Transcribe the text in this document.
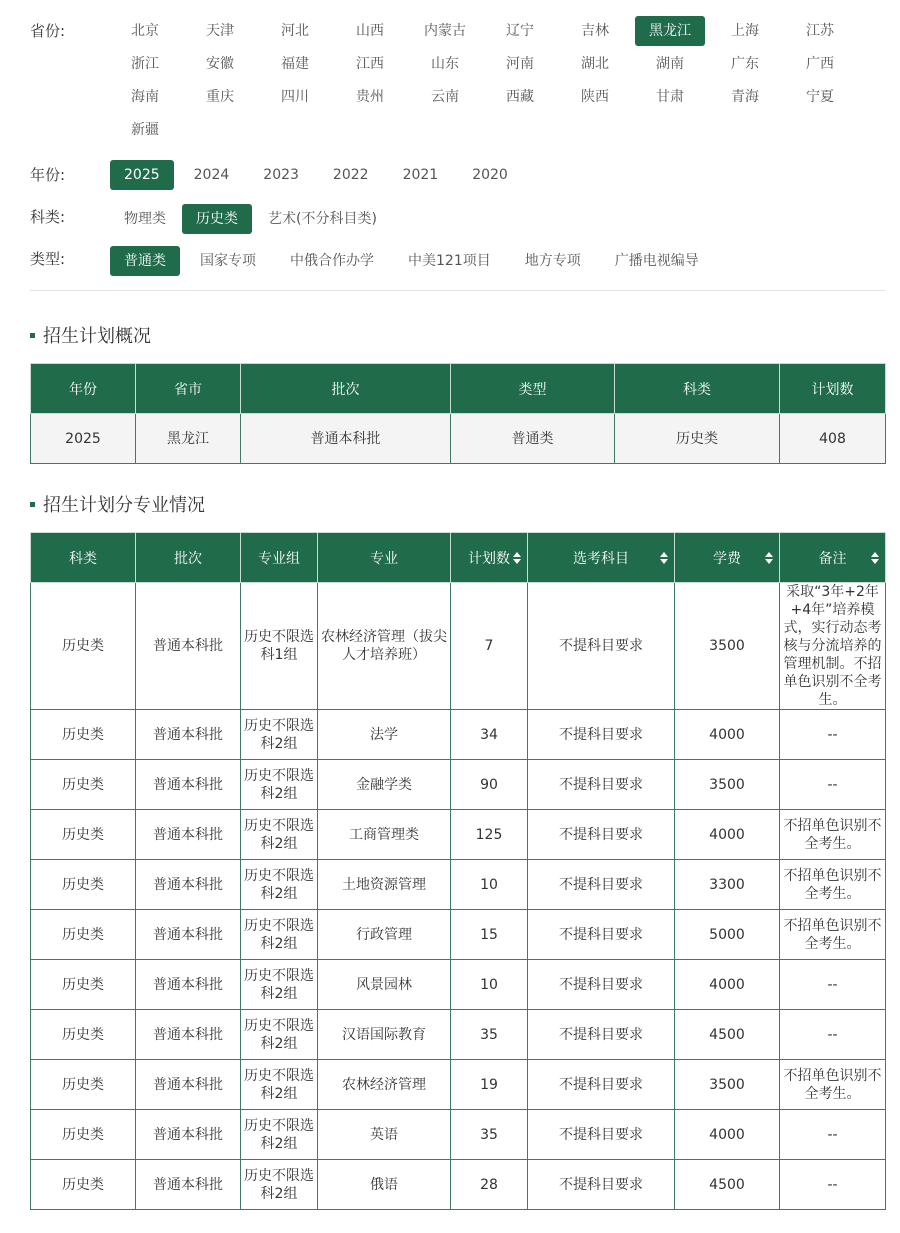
省份:	北京	天津	河北	山西	内蒙古	辽宁	吉林	黑龙江	上海	江苏
浙江	安徽	福建	江西	山东	河南	湖北	湖南	广东	广西
海南	重庆	四川	贵州	云南	西藏	陕西	甘肃	青海	宁夏
新疆
年份:	2025	2024	2023	2022	2021	2020
科类:	物理类	历史类	艺术(不分科目类)
类型:	普通类	国家专项	中俄合作办学	中美121项目	地方专项	广播电视编导
招生计划概况
年份	省市	批次	类型	科类	计划数
2025	黑龙江	普通本科批	普通类	历史类	408
招生计划分专业情况
科类	批次	专业组	专业	计划数	选考科目	学费	备注

历史类	普通本科批	历史不限选科1组	农林经济管理（拔尖人才培养班）	7	不提科目要求	3500	采取“3年+2年+4年”培养模式，实行动态考核与分流培养的管理机制。不招单色识别不全考生。
历史类	普通本科批	历史不限选科2组	法学	34	不提科目要求	4000	--
历史类	普通本科批	历史不限选科2组	金融学类	90	不提科目要求	3500	--
历史类	普通本科批	历史不限选科2组	工商管理类	125	不提科目要求	4000	不招单色识别不全考生。
历史类	普通本科批	历史不限选科2组	土地资源管理	10	不提科目要求	3300	不招单色识别不全考生。
历史类	普通本科批	历史不限选科2组	行政管理	15	不提科目要求	5000	不招单色识别不全考生。
历史类	普通本科批	历史不限选科2组	风景园林	10	不提科目要求	4000	--
历史类	普通本科批	历史不限选科2组	汉语国际教育	35	不提科目要求	4500	--
历史类	普通本科批	历史不限选科2组	农林经济管理	19	不提科目要求	3500	不招单色识别不全考生。
历史类	普通本科批	历史不限选科2组	英语	35	不提科目要求	4000	--
历史类	普通本科批	历史不限选科2组	俄语	28	不提科目要求	4500	--
